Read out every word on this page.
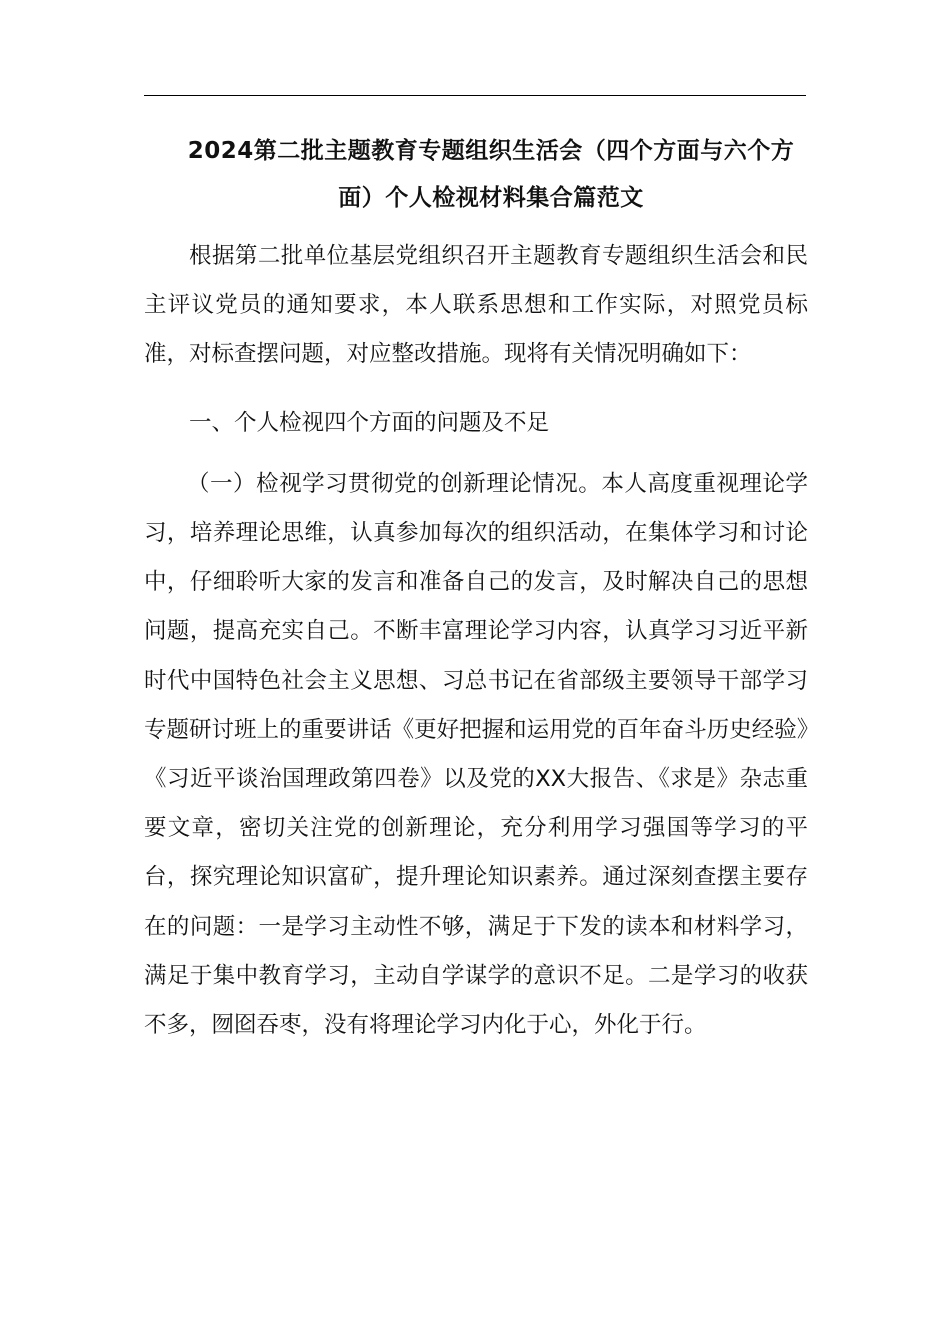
2024第二批主题教育专题组织生活会（四个方面与六个方面）个人检视材料集合篇范文

根据第二批单位基层党组织召开主题教育专题组织生活会和民主评议党员的通知要求，本人联系思想和工作实际，对照党员标准，对标查摆问题，对应整改措施。现将有关情况明确如下：

一、个人检视四个方面的问题及不足

（一）检视学习贯彻党的创新理论情况。本人高度重视理论学习，培养理论思维，认真参加每次的组织活动，在集体学习和讨论中，仔细聆听大家的发言和准备自己的发言，及时解决自己的思想问题，提高充实自己。不断丰富理论学习内容，认真学习习近平新时代中国特色社会主义思想、习总书记在省部级主要领导干部学习专题研讨班上的重要讲话《更好把握和运用党的百年奋斗历史经验》《习近平谈治国理政第四卷》以及党的XX大报告、《求是》杂志重要文章，密切关注党的创新理论，充分利用学习强国等学习的平台，探究理论知识富矿，提升理论知识素养。通过深刻查摆主要存在的问题：一是学习主动性不够，满足于下发的读本和材料学习，满足于集中教育学习，主动自学谋学的意识不足。二是学习的收获不多，囫囵吞枣，没有将理论学习内化于心，外化于行。
